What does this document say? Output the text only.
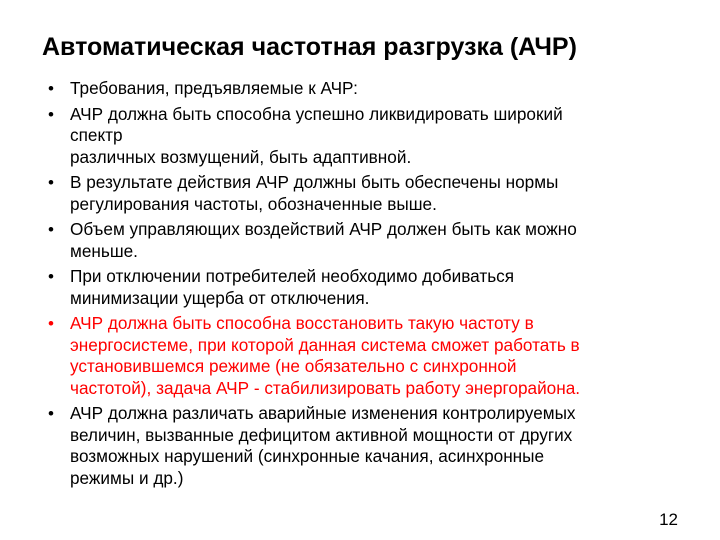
Автоматическая частотная разгрузка (АЧР)
• Требования, предъявляемые к АЧР:
• АЧР должна быть способна успешно ликвидировать широкий
спектр
различных возмущений, быть адаптивной.
• В результате действия АЧР должны быть обеспечены нормы
регулирования частоты, обозначенные выше.
• Объем управляющих воздействий АЧР должен быть как можно
меньше.
• При отключении потребителей необходимо добиваться
минимизации ущерба от отключения.
• АЧР должна быть способна восстановить такую частоту в
энергосистеме, при которой данная система сможет работать в
установившемся режиме (не обязательно с синхронной
частотой), задача АЧР - стабилизировать работу энергорайона.
• АЧР должна различать аварийные изменения контролируемых
величин, вызванные дефицитом активной мощности от других
возможных нарушений (синхронные качания, асинхронные
режимы и др.)
12
